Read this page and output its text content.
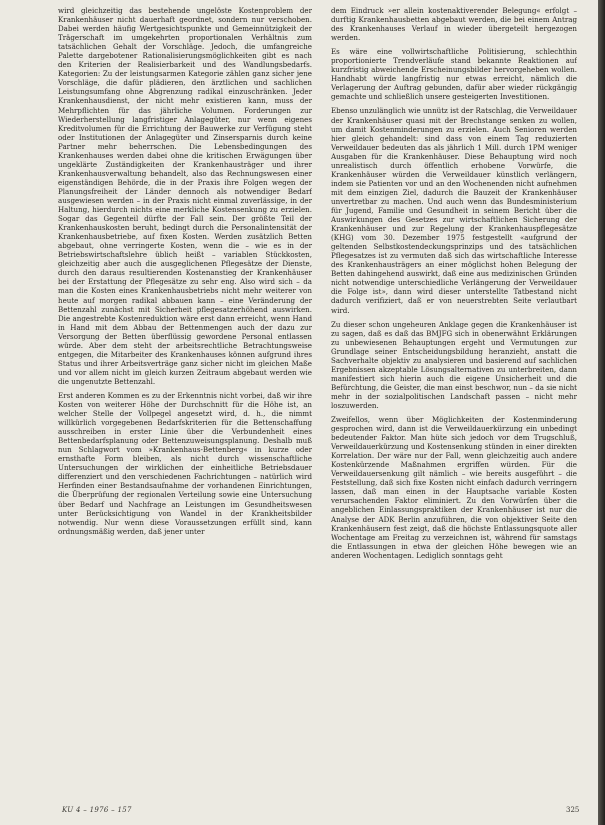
wird gleichzeitig das bestehende ungelöste Kostenproblem der Krankenhäuser nicht dauerhaft geordnet, sondern nur verschoben. Dabei werden häufig Wertgesichtspunkte und Gemeinnützigkeit der Trägerschaft im umgekehrten proportionalen Verhältnis zum tatsächlichen Gehalt der Vorschläge. Jedoch, die umfangreiche Palette dargebotener Rationalisierungsmöglichkeiten gibt es nach den Kriterien der Realisierbarkeit und des Wandlungsbedarfs. Kategorien: Zu der leistungsarmen Kategorie zählen ganz sicher jene Vorschläge, die dafür plädieren, den ärztlichen und sachlichen Leistungsumfang ohne Abgrenzung radikal einzuschränken. Jeder Krankenhausdienst, der nicht mehr existieren kann, muss der Mehrpflichten für das jährliche Volumen. Forderungen zur Wiederherstellung langfristiger Anlagegüter, nur wenn eigenes Kreditvolumen für die Errichtung der Bauwerke zur Verfügung steht oder Institutionen der Anlagegüter und Zinsersparnis durch keine Partner mehr beherrschen. Die Lebensbedingungen des Krankenhauses werden dabei ohne die kritischen Erwägungen über ungeklärte Zuständigkeiten der Krankenhausträger und ihrer Krankenhausverwaltung behandelt, also das Rechnungswesen einer eigenständigen Behörde, die in der Praxis ihre Folgen wegen der Planungsfreiheit der Länder dennoch als notwendiger Bedarf ausgewiesen werden – in der Praxis nicht einmal zuverlässige, in der Haltung, hierdurch nichts eine merkliche Kostensenkung zu erzielen. Sogar das Gegenteil dürfte der Fall sein. Der größte Teil der Krankenhauskosten beruht, bedingt durch die Personalintensität der Krankenhausbetriebe, auf fixen Kosten. Werden zusätzlich Betten abgebaut, ohne verringerte Kosten, wenn die – wie es in der Betriebswirtschaftslehre üblich heißt – variablen Stückkosten, gleichzeitig aber auch die ausgeglichenen Pflegesätze der Dienste, durch den daraus resultierenden Kostenanstieg der Krankenhäuser bei der Erstattung der Pflegesätze zu sehr eng. Also wird sich – da man die Kosten eines Krankenhausbetriebs nicht mehr weiterer von heute auf morgen radikal abbauen kann – eine Veränderung der Bettenzahl zunächst mit Sicherheit pflegesatzerhöhend auswirken. Die angestrebte Kostenreduktion wäre erst dann erreicht, wenn Hand in Hand mit dem Abbau der Bettenmengen auch der dazu zur Versorgung der Betten überflüssig gewordene Personal entlassen würde. Aber dem steht der arbeitsrechtliche Betrachtungsweise entgegen, die Mitarbeiter des Krankenhauses können aufgrund ihres Status und ihrer Arbeitsverträge ganz sicher nicht im gleichen Maße und vor allem nicht im gleich kurzen Zeitraum abgebaut werden wie die ungenutzte Bettenzahl.

Erst anderen Kommen es zu der Erkenntnis nicht vorbei, daß wir ihre Kosten von weiterer Höhe der Durchschnitt für die Höhe ist, an welcher Stelle der Vollpegel angesetzt wird, d. h., die nimmt willkürlich vorgegebenen Bedarfskriterien für die Bettenschaffung ausschreiben in erster Linie über die Verbundenheit eines Bettenbedarfsplanung oder Bettenzuweisungsplanung. Deshalb muß nun Schlagwort vom »Krankenhaus-Bettenberg« in kurze oder ernsthafte Form bleiben, als nicht durch wissenschaftliche Untersuchungen der wirklichen der einheitliche Betriebsdauer differenziert und den verschiedenen Fachrichtungen – natürlich wird Herfinden einer Bestandsaufnahme der vorhandenen Einrichtungen, die Überprüfung der regionalen Verteilung sowie eine Untersuchung über Bedarf und Nachfrage an Leistungen im Gesundheitswesen unter Berücksichtigung von Wandel in der Krankheitsbilder notwendig. Nur wenn diese Voraussetzungen erfüllt sind, kann ordnungsmäßig werden, daß jener unter

dem Eindruck »er allein kostenaktiverender Belegung« erfolgt – durftig Krankenhausbetten abgebaut werden, die bei einem Antrag des Krankenhauses Verlauf in wieder übergeteilt hergezogen werden.

Es wäre eine vollwirtschaftliche Politisierung, schlechthin proportionierte Trendverläufe stand bekannte Reaktionen auf kurzfristig abweichende Erscheinungsbilder hervorgeheben wollen. Handhabt würde langfristig nur etwas erreicht, nämlich die Verlagerung der Auftrag gebunden, dafür aber wieder rückgängig gemachte und schließlich unsere gesteigerten Investitionen.

Ebenso unzulänglich wie unnütz ist der Ratschlag, die Verweildauer der Krankenhäuser quasi mit der Brechstange senken zu wollen, um damit Kostenminderungen zu erzielen. Auch Senioren werden hier gleich gehandelt: sind dass von einem Tag reduzierten Verweildauer bedeuten das als jährlich 1 Mill. durch 1PM weniger Ausgaben für die Krankenhäuser. Diese Behauptung wird noch unrealistisch durch öffentlich erhobene Vorwürfe, die Krankenhäuser würden die Verweildauer künstlich verlängern, indem sie Patienten vor und an den Wochenenden nicht aufnehmen mit dem einzigen Ziel, dadurch die Bauzeit der Krankenhäuser unvertretbar zu machen. Und auch wenn das Bundesministerium für Jugend, Familie und Gesundheit in seinem Bericht über die Auswirkungen des Gesetzes zur wirtschaftlichen Sicherung der Krankenhäuser und zur Regelung der Krankenhauspflegesätze (KHG) vom 30. Dezember 1975 festgestellt «aufgrund der geltenden Selbstkostendeckungsprinzips und des tatsächlichen Pflegesatzes ist zu vermuten daß sich das wirtschaftliche Interesse des Krankenhausträgers an einer möglichst hohen Belegung der Betten dahingehend auswirkt, daß eine aus medizinischen Gründen nicht notwendige unterschiedliche Verlängerung der Verweildauer die Folge ist», dann wird dieser unterstellte Tatbestand nicht dadurch verifiziert, daß er von neuerstrebten Seite verlautbart wird.

Zu dieser schon ungeheuren Anklage gegen die Krankenhäuser ist zu sagen, daß es daß das BMJFG sich in obenerwähnt Erklärungen zu unbewiesenen Behauptungen ergeht und Vermutungen zur Grundlage seiner Entscheidungsbildung heranzieht, anstatt die Sachverhalte objektiv zu analysieren und basierend auf sachlichen Ergebnissen akzeptable Lösungsalternativen zu unterbreiten, dann manifestiert sich hierin auch die eigene Unsicherheit und die Befürchtung, die Geister, die man einst beschwor, nun – da sie nicht mehr in der sozialpolitischen Landschaft passen – nicht mehr loszuwerden.

Zweifellos, wenn über Möglichkeiten der Kostenminderung gesprochen wird, dann ist die Verweildauerkürzung ein unbedingt bedeutender Faktor. Man hüte sich jedoch vor dem Trugschluß, Verweildauerkürzung und Kostensenkung stünden in einer direkten Korrelation. Der wäre nur der Fall, wenn gleichzeitig auch andere Kostenkürzende Maßnahmen ergriffen würden. Für die Verweildauersenkung gilt nämlich – wie bereits ausgeführt – die Feststellung, daß sich fixe Kosten nicht einfach dadurch verringern lassen, daß man einen in der Hauptsache variable Kosten verursachenden Faktor eliminiert. Zu den Vorwürfen über die angeblichen Einlassungspraktiken der Krankenhäuser ist nur die Analyse der ADK Berlin anzuführen, die von objektiver Seite den Krankenhäusern fest zeigt, daß die höchste Entlassungsquote aller Wochentage am Freitag zu verzeichnen ist, während für samstags die Entlassungen in etwa der gleichen Höhe bewegen wie an anderen Wochentagen. Lediglich sonntags geht

KU 4 – 1976 – 157	325
